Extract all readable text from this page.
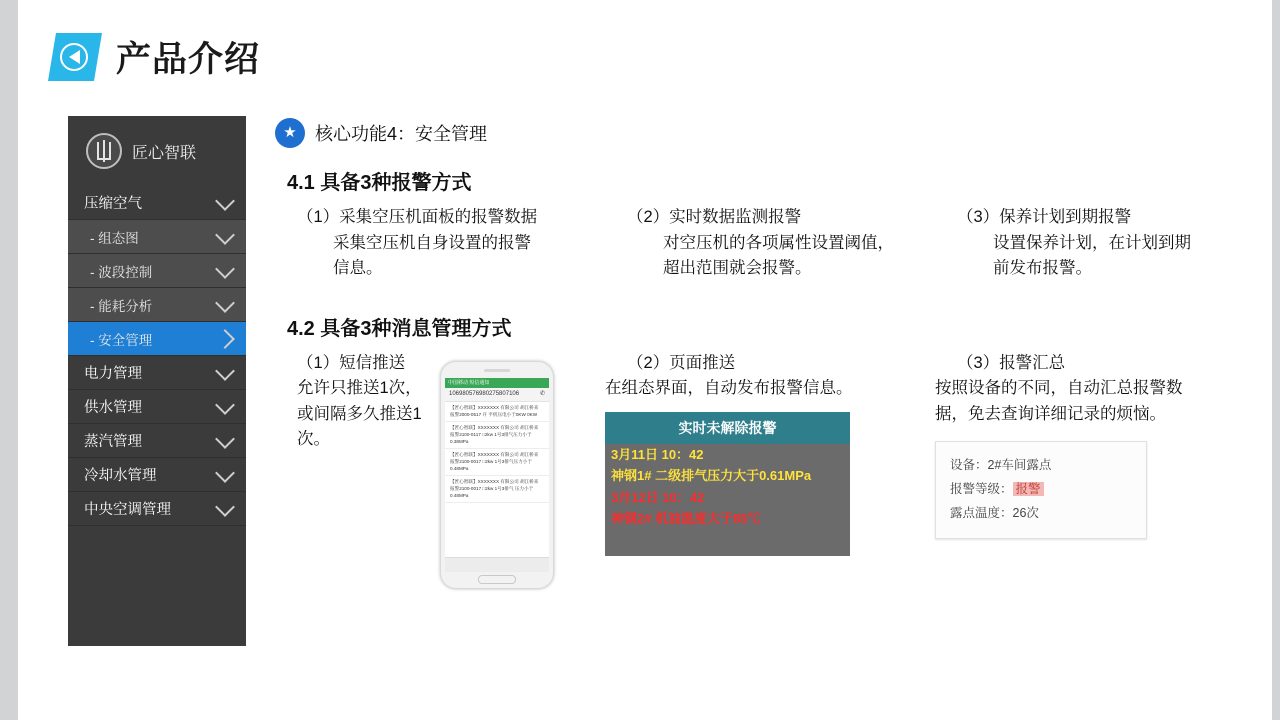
产品介绍
匠心智联
压缩空气
- 组态图
- 波段控制
- 能耗分析
- 安全管理
电力管理
供水管理
蒸汽管理
冷却水管理
中央空调管理
★ 核心功能4：安全管理
4.1 具备3种报警方式

（1）采集空压机面板的报警数据

采集空压机自身设置的报警

信息。

（2）实时数据监测报警

对空压机的各项属性设置阈值，

超出范围就会报警。

（3）保养计划到期报警

设置保养计划，在计划到期

前发布报警。

4.2 具备3种消息管理方式

（1）短信推送

允许只推送1次，

或间隔多久推送1

次。

中国移动 短信通知
106980576980275807106	✆
【匠心智联】XXXXXXX 有限公司 胡江桥来 报警2000-0517 开 平机压电小于0KW 0KW
【匠心智联】XXXXXXX 有限公司 胡江桥来 报警2100-0117 □2kw 1号3排气压力小于 0.38MPa
【匠心智联】XXXXXXX 有限公司 胡江桥来 报警2100-0017 □2kw 1号3排气压力小于 0.48MPa
【匠心智联】XXXXXXX 有限公司 胡江桥来 报警2100-0017 □2kw 1号3排气 压力小于 0.48MPa

（2）页面推送

在组态界面，自动发布报警信息。

实时未解除报警
3月11日 10：42
神钢1# 二级排气压力大于0.61MPa
3月12日 10：42
神钢2# 机油温度大于85℃

（3）报警汇总

按照设备的不同，自动汇总报警数

据，免去查询详细记录的烦恼。

设备：2#车间露点
报警等级： 报警
露点温度：26次
